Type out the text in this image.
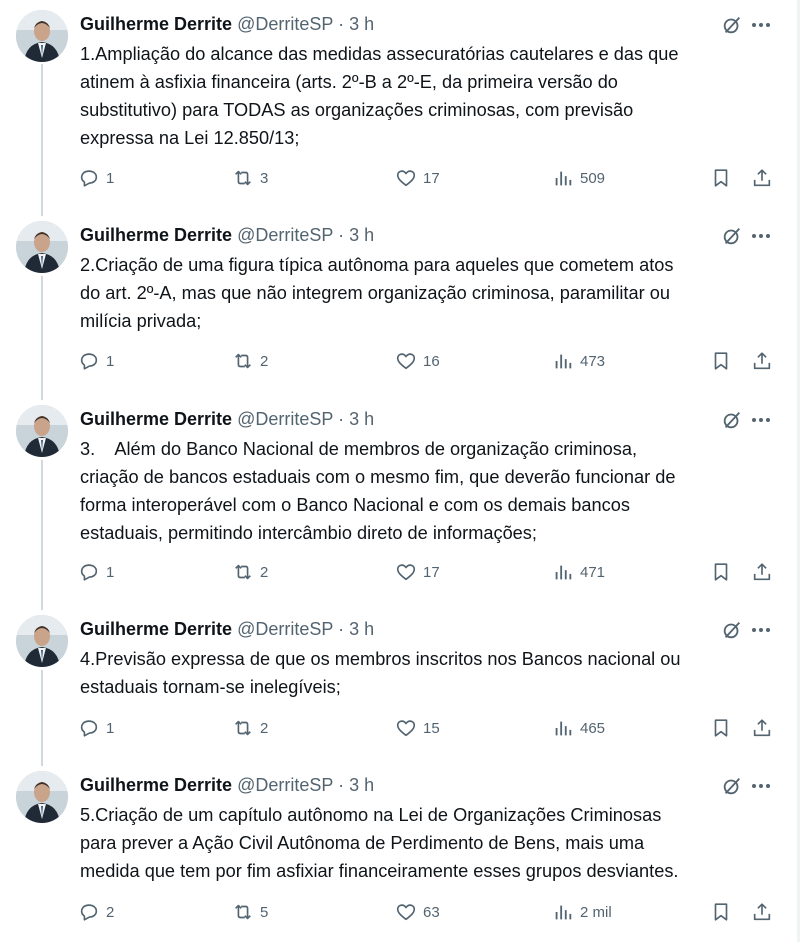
Guilherme Derrite @DerriteSP · 3 h
1.Ampliação do alcance das medidas assecuratórias cautelares e das que
atinem à asfixia financeira (arts. 2º-B a 2º-E, da primeira versão do
substitutivo) para TODAS as organizações criminosas, com previsão
expressa na Lei 12.850/13;
1	3	17	509
Guilherme Derrite @DerriteSP · 3 h
2.Criação de uma figura típica autônoma para aqueles que cometem atos
do art. 2º-A, mas que não integrem organização criminosa, paramilitar ou
milícia privada;
1	2	16	473
Guilherme Derrite @DerriteSP · 3 h
3.    Além do Banco Nacional de membros de organização criminosa,
criação de bancos estaduais com o mesmo fim, que deverão funcionar de
forma interoperável com o Banco Nacional e com os demais bancos
estaduais, permitindo intercâmbio direto de informações;
1	2	17	471
Guilherme Derrite @DerriteSP · 3 h
4.Previsão expressa de que os membros inscritos nos Bancos nacional ou
estaduais tornam-se inelegíveis;
1	2	15	465
Guilherme Derrite @DerriteSP · 3 h
5.Criação de um capítulo autônomo na Lei de Organizações Criminosas
para prever a Ação Civil Autônoma de Perdimento de Bens, mais uma
medida que tem por fim asfixiar financeiramente esses grupos desviantes.
2	5	63	2 mil
